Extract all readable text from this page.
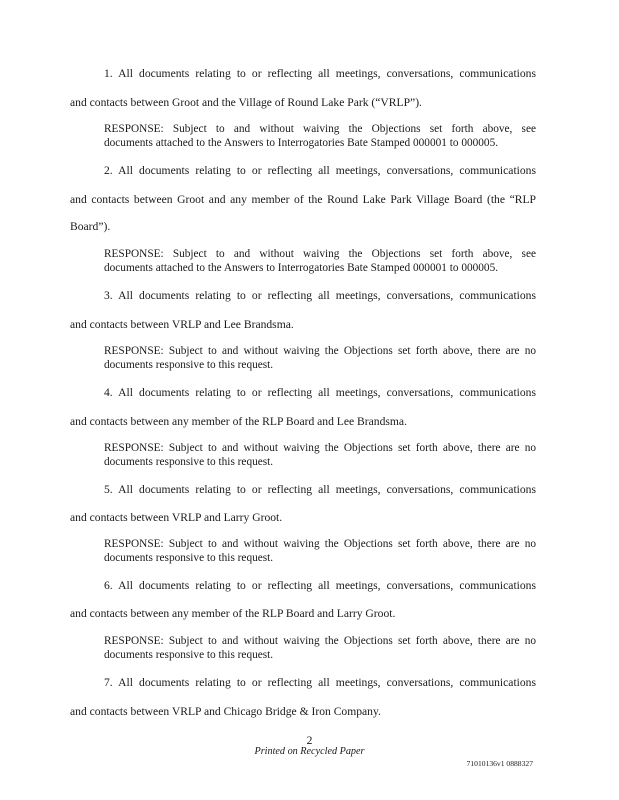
1. All documents relating to or reflecting all meetings, conversations, communications

and contacts between Groot and the Village of Round Lake Park (“VRLP”).

RESPONSE: Subject to and without waiving the Objections set forth above, see
documents attached to the Answers to Interrogatories Bate Stamped 000001 to 000005.

2. All documents relating to or reflecting all meetings, conversations, communications

and contacts between Groot and any member of the Round Lake Park Village Board (the “RLP

Board”).

RESPONSE: Subject to and without waiving the Objections set forth above, see
documents attached to the Answers to Interrogatories Bate Stamped 000001 to 000005.

3. All documents relating to or reflecting all meetings, conversations, communications

and contacts between VRLP and Lee Brandsma.

RESPONSE: Subject to and without waiving the Objections set forth above, there are no
documents responsive to this request.

4. All documents relating to or reflecting all meetings, conversations, communications

and contacts between any member of the RLP Board and Lee Brandsma.

RESPONSE: Subject to and without waiving the Objections set forth above, there are no
documents responsive to this request.

5. All documents relating to or reflecting all meetings, conversations, communications

and contacts between VRLP and Larry Groot.

RESPONSE: Subject to and without waiving the Objections set forth above, there are no
documents responsive to this request.

6. All documents relating to or reflecting all meetings, conversations, communications

and contacts between any member of the RLP Board and Larry Groot.

RESPONSE: Subject to and without waiving the Objections set forth above, there are no
documents responsive to this request.

7. All documents relating to or reflecting all meetings, conversations, communications

and contacts between VRLP and Chicago Bridge & Iron Company.

2

Printed on Recycled Paper

71010136v1 0888327
